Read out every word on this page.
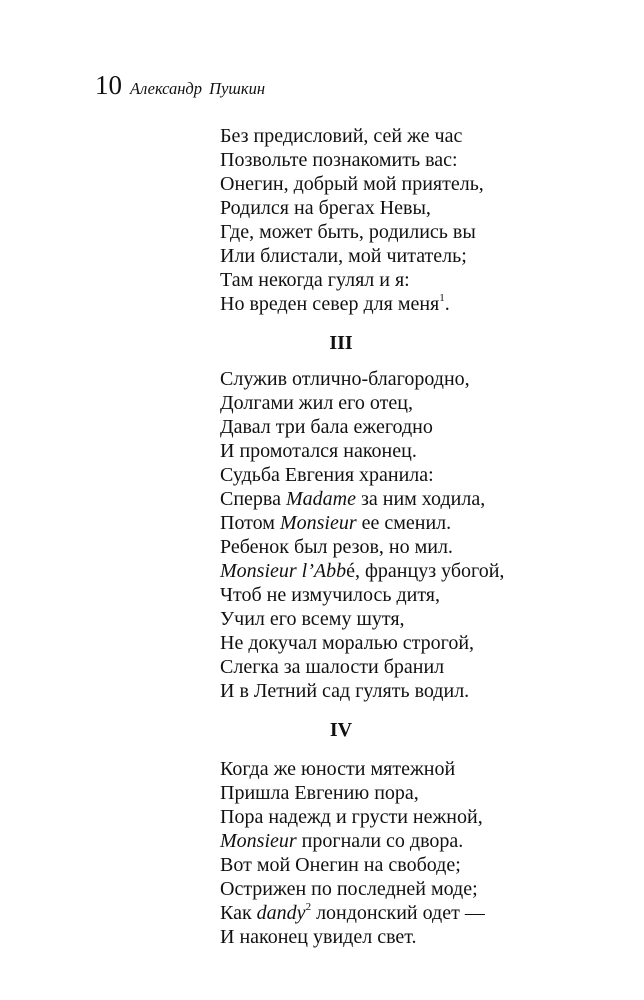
10 Александр Пушкин
Без предисловий, сей же час
Позвольте познакомить вас:
Онегин, добрый мой приятель,
Родился на брегах Невы,
Где, может быть, родились вы
Или блистали, мой читатель;
Там некогда гулял и я:
Но вреден север для меня$^1$.
III
Служив отлично-благородно,
Долгами жил его отец,
Давал три бала ежегодно
И промотался наконец.
Судьба Евгения хранила:
Сперва Madame за ним ходила,
Потом Monsieur ее сменил.
Ребенок был резов, но мил.
Monsieur l’Abbé, француз убогой,
Чтоб не измучилось дитя,
Учил его всему шутя,
Не докучал моралью строгой,
Слегка за шалости бранил
И в Летний сад гулять водил.
IV
Когда же юности мятежной
Пришла Евгению пора,
Пора надежд и грусти нежной,
Monsieur прогнали со двора.
Вот мой Онегин на свободе;
Острижен по последней моде;
Как dandy$^2$ лондонский одет —
И наконец увидел свет.
